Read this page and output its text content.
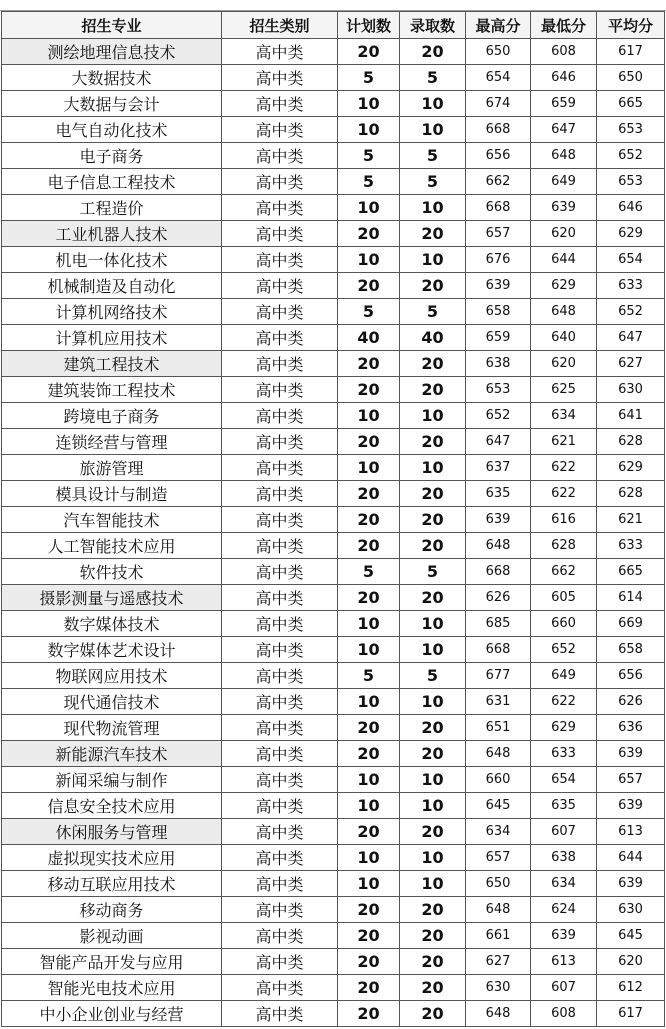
招生专业	招生类别	计划数	录取数	最高分	最低分	平均分
测绘地理信息技术	高中类	20	20	650	608	617
大数据技术	高中类	5	5	654	646	650
大数据与会计	高中类	10	10	674	659	665
电气自动化技术	高中类	10	10	668	647	653
电子商务	高中类	5	5	656	648	652
电子信息工程技术	高中类	5	5	662	649	653
工程造价	高中类	10	10	668	639	646
工业机器人技术	高中类	20	20	657	620	629
机电一体化技术	高中类	10	10	676	644	654
机械制造及自动化	高中类	20	20	639	629	633
计算机网络技术	高中类	5	5	658	648	652
计算机应用技术	高中类	40	40	659	640	647
建筑工程技术	高中类	20	20	638	620	627
建筑装饰工程技术	高中类	20	20	653	625	630
跨境电子商务	高中类	10	10	652	634	641
连锁经营与管理	高中类	20	20	647	621	628
旅游管理	高中类	10	10	637	622	629
模具设计与制造	高中类	20	20	635	622	628
汽车智能技术	高中类	20	20	639	616	621
人工智能技术应用	高中类	20	20	648	628	633
软件技术	高中类	5	5	668	662	665
摄影测量与遥感技术	高中类	20	20	626	605	614
数字媒体技术	高中类	10	10	685	660	669
数字媒体艺术设计	高中类	10	10	668	652	658
物联网应用技术	高中类	5	5	677	649	656
现代通信技术	高中类	10	10	631	622	626
现代物流管理	高中类	20	20	651	629	636
新能源汽车技术	高中类	20	20	648	633	639
新闻采编与制作	高中类	10	10	660	654	657
信息安全技术应用	高中类	10	10	645	635	639
休闲服务与管理	高中类	20	20	634	607	613
虚拟现实技术应用	高中类	10	10	657	638	644
移动互联应用技术	高中类	10	10	650	634	639
移动商务	高中类	20	20	648	624	630
影视动画	高中类	20	20	661	639	645
智能产品开发与应用	高中类	20	20	627	613	620
智能光电技术应用	高中类	20	20	630	607	612
中小企业创业与经营	高中类	20	20	648	608	617
